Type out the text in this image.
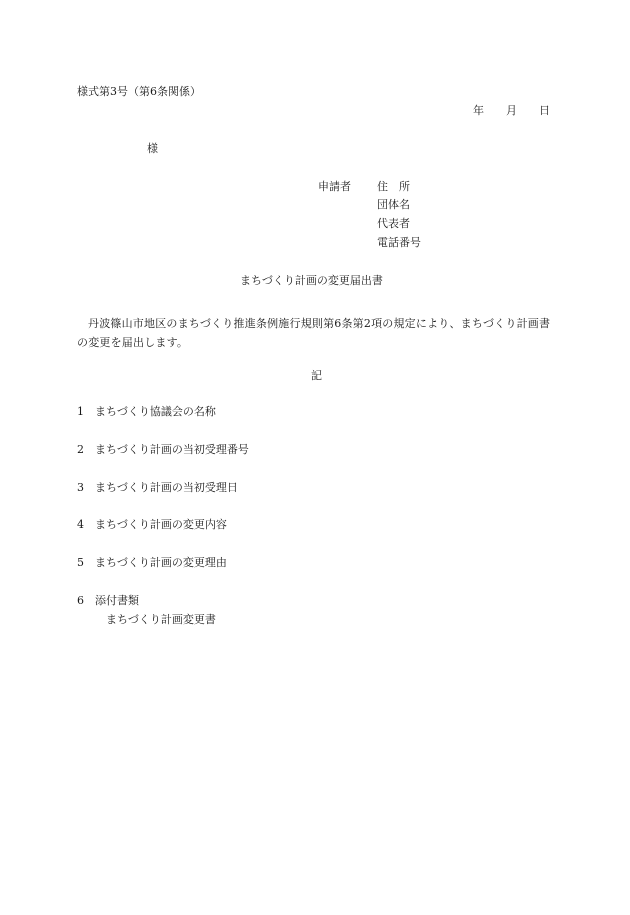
様式第3号（第6条関係）
年 月 日
様
申請者 住　所
団体名
代表者
電話番号
まちづくり計画の変更届出書
丹波篠山市地区のまちづくり推進条例施行規則第6条第2項の規定により、まちづくり計画書の変更を届出します。
記
1 まちづくり協議会の名称
2 まちづくり計画の当初受理番号
3 まちづくり計画の当初受理日
4 まちづくり計画の変更内容
5 まちづくり計画の変更理由
6 添付書類
まちづくり計画変更書
